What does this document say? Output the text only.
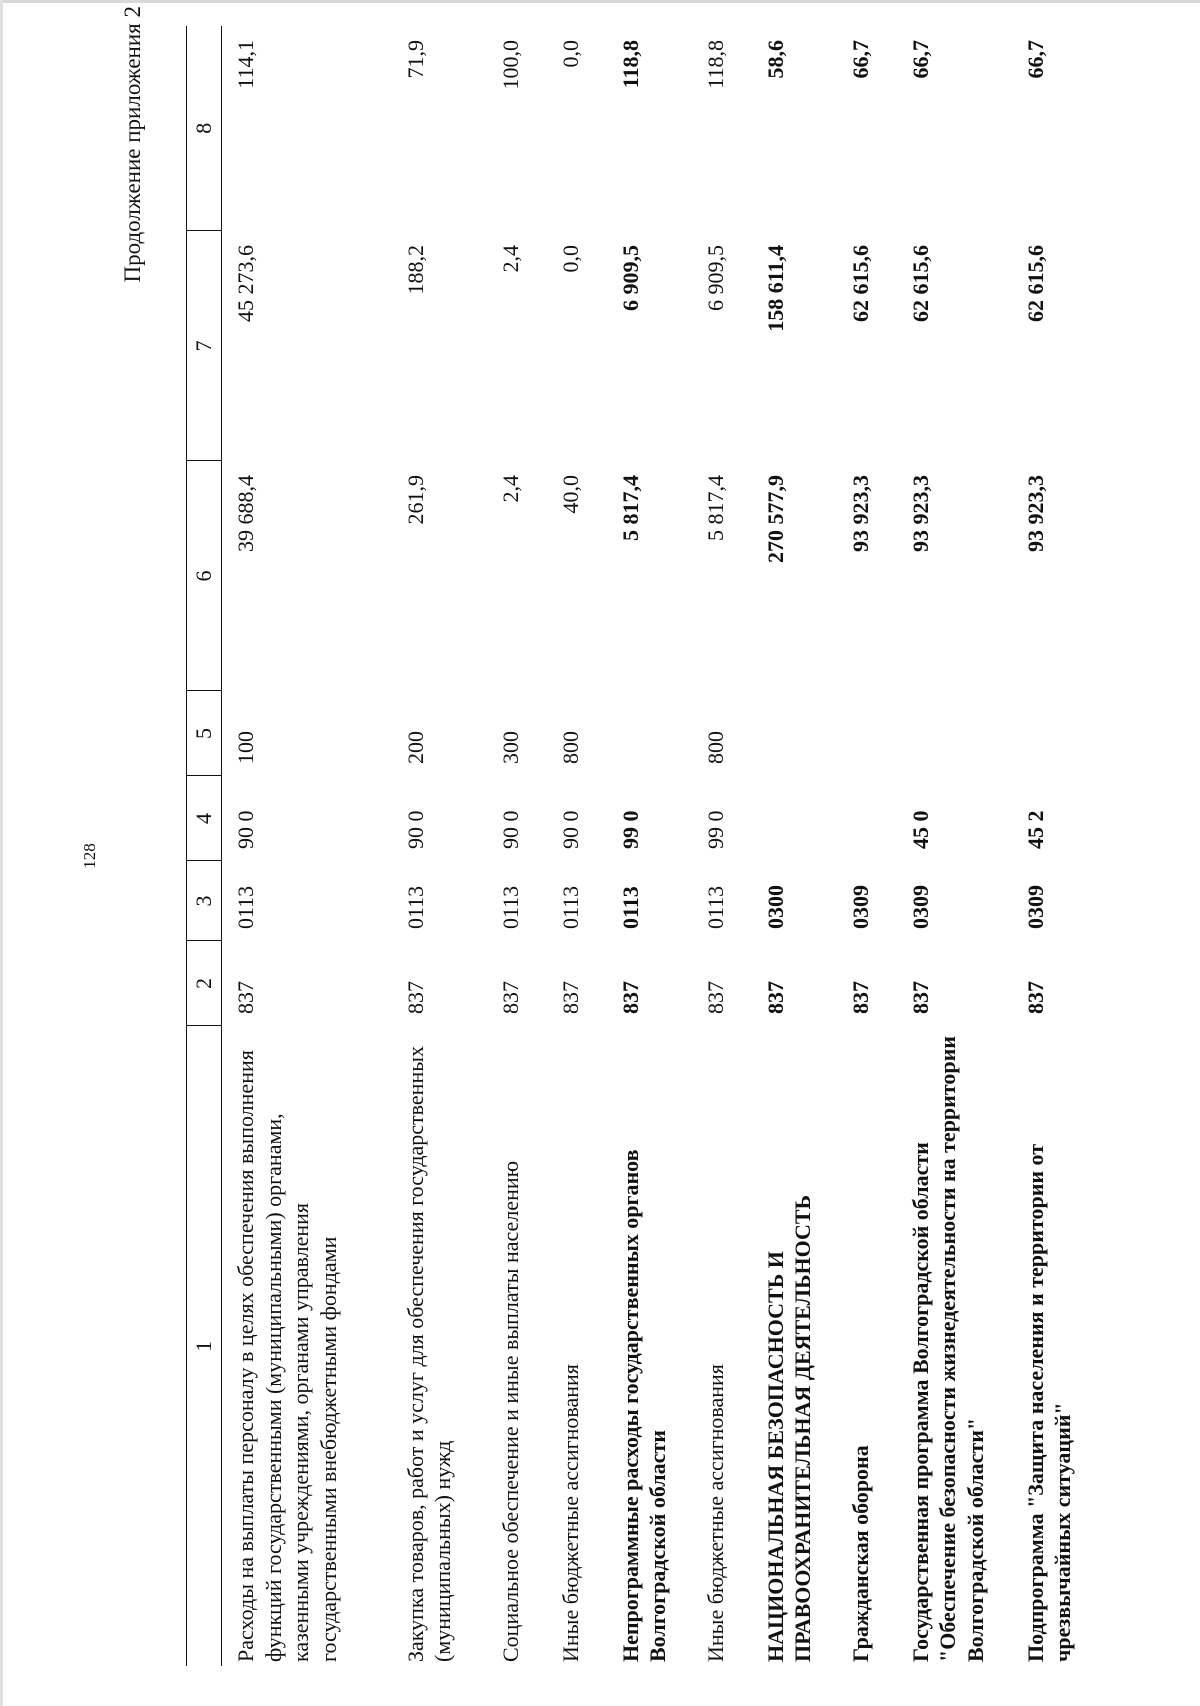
128
Продолжение приложения 2
1	2	3	4	5	6	7	8
Расходы на выплаты персоналу в целях обеспечения выполнения функций государственными (муниципальными) органами, казенными учреждениями, органами управления государственными внебюджетными фондами	837	0113	90 0	100	39 688,4	45 273,6	114,1
Закупка товаров, работ и услуг для обеспечения государственных (муниципальных) нужд	837	0113	90 0	200	261,9	188,2	71,9
Социальное обеспечение и иные выплаты населению	837	0113	90 0	300	2,4	2,4	100,0
Иные бюджетные ассигнования	837	0113	90 0	800	40,0	0,0	0,0
Непрограммные расходы государственных органов Волгоградской области	837	0113	99 0		5 817,4	6 909,5	118,8
Иные бюджетные ассигнования	837	0113	99 0	800	5 817,4	6 909,5	118,8
НАЦИОНАЛЬНАЯ БЕЗОПАСНОСТЬ И ПРАВООХРАНИТЕЛЬНАЯ ДЕЯТЕЛЬНОСТЬ	837	0300			270 577,9	158 611,4	58,6
Гражданская оборона	837	0309			93 923,3	62 615,6	66,7
Государственная программа Волгоградской области "Обеспечение безопасности жизнедеятельности на территории Волгоградской области"	837	0309	45 0		93 923,3	62 615,6	66,7
Подпрограмма "Защита населения и территории от чрезвычайных ситуаций"	837	0309	45 2		93 923,3	62 615,6	66,7
